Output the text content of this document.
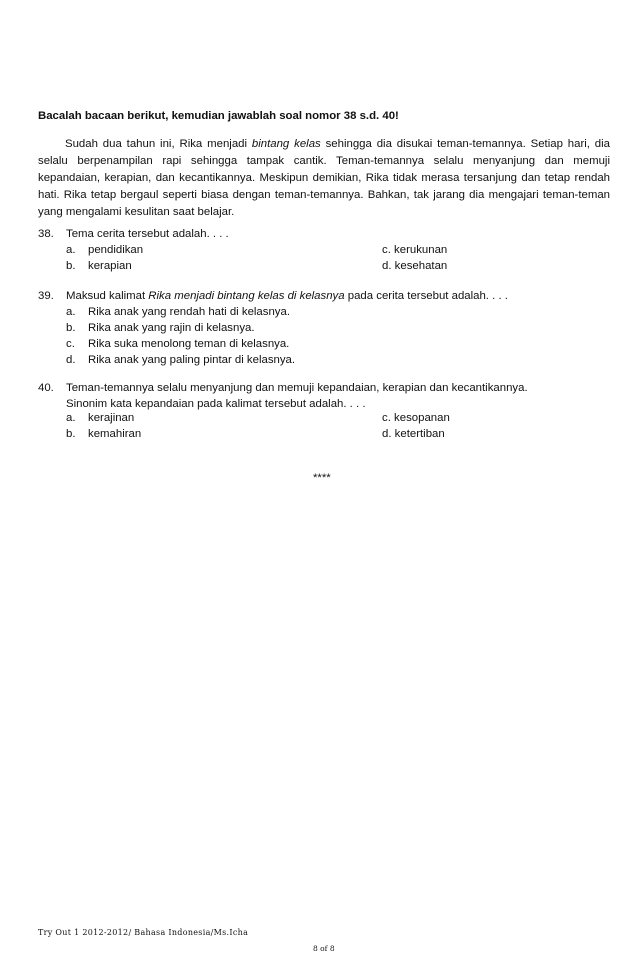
Bacalah bacaan berikut, kemudian jawablah soal nomor 38 s.d. 40!
Sudah dua tahun ini, Rika menjadi bintang kelas sehingga dia disukai teman-temannya. Setiap hari, dia selalu berpenampilan rapi sehingga tampak cantik. Teman-temannya selalu menyanjung dan memuji kepandaian, kerapian, dan kecantikannya. Meskipun demikian, Rika tidak merasa tersanjung dan tetap rendah hati. Rika tetap bergaul seperti biasa dengan teman-temannya. Bahkan, tak jarang dia mengajari teman-teman yang mengalami kesulitan saat belajar.
38. Tema cerita tersebut adalah. . . .
a. pendidikan
b. kerapian
c. kerukunan
d. kesehatan
39. Maksud kalimat Rika menjadi bintang kelas di kelasnya pada cerita tersebut adalah. . . .
a. Rika anak yang rendah hati di kelasnya.
b. Rika anak yang rajin di kelasnya.
c. Rika suka menolong teman di kelasnya.
d. Rika anak yang paling pintar di kelasnya.
40. Teman-temannya selalu menyanjung dan memuji kepandaian, kerapian dan kecantikannya.
Sinonim kata kepandaian pada kalimat tersebut adalah. . . .
a. kerajinan
b. kemahiran
c. kesopanan
d. ketertiban
****
Try Out 1 2012-2012/ Bahasa Indonesia/Ms.Icha
8 of 8
